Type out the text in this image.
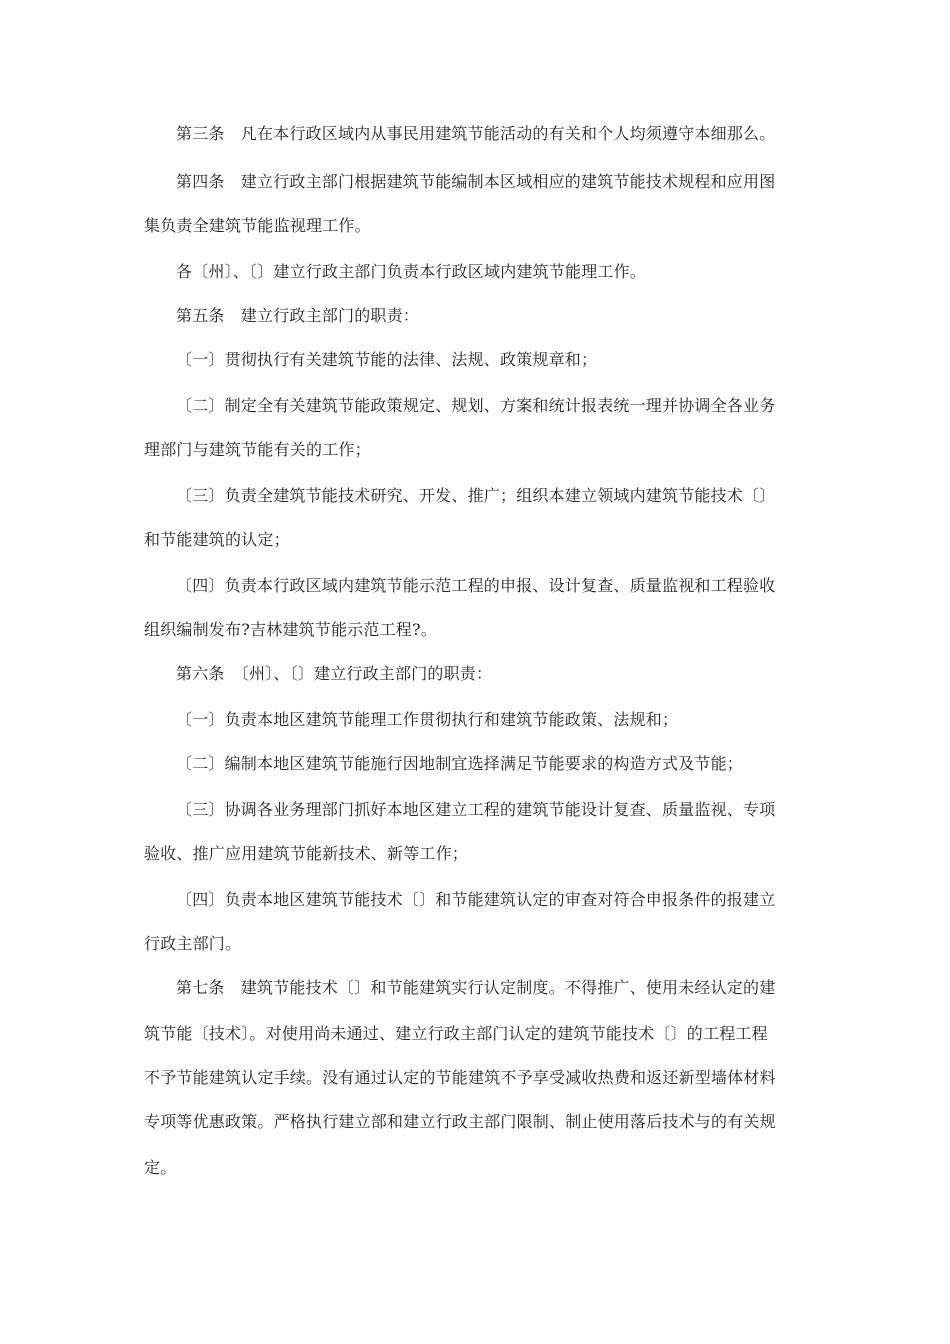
第三条　凡在本行政区域内从事民用建筑节能活动的有关和个人均须遵守本细那么。
第四条　建立行政主部门根据建筑节能编制本区域相应的建筑节能技术规程和应用图
集负责全建筑节能监视理工作。
各〔州〕、〔〕建立行政主部门负责本行政区域内建筑节能理工作。
第五条　建立行政主部门的职责：
〔一〕贯彻执行有关建筑节能的法律、法规、政策规章和；
〔二〕制定全有关建筑节能政策规定、规划、方案和统计报表统一理并协调全各业务
理部门与建筑节能有关的工作；
〔三〕负责全建筑节能技术研究、开发、推广；组织本建立领域内建筑节能技术〔〕
和节能建筑的认定；
〔四〕负责本行政区域内建筑节能示范工程的申报、设计复查、质量监视和工程验收
组织编制发布?吉林建筑节能示范工程?。
第六条　〔州〕、〔〕建立行政主部门的职责：
〔一〕负责本地区建筑节能理工作贯彻执行和建筑节能政策、法规和；
〔二〕编制本地区建筑节能施行因地制宜选择满足节能要求的构造方式及节能；
〔三〕协调各业务理部门抓好本地区建立工程的建筑节能设计复查、质量监视、专项
验收、推广应用建筑节能新技术、新等工作；
〔四〕负责本地区建筑节能技术〔〕和节能建筑认定的审查对符合申报条件的报建立
行政主部门。
第七条　建筑节能技术〔〕和节能建筑实行认定制度。不得推广、使用未经认定的建
筑节能〔技术〕。对使用尚未通过、建立行政主部门认定的建筑节能技术〔〕的工程工程
不予节能建筑认定手续。没有通过认定的节能建筑不予享受减收热费和返还新型墙体材料
专项等优惠政策。严格执行建立部和建立行政主部门限制、制止使用落后技术与的有关规
定。
